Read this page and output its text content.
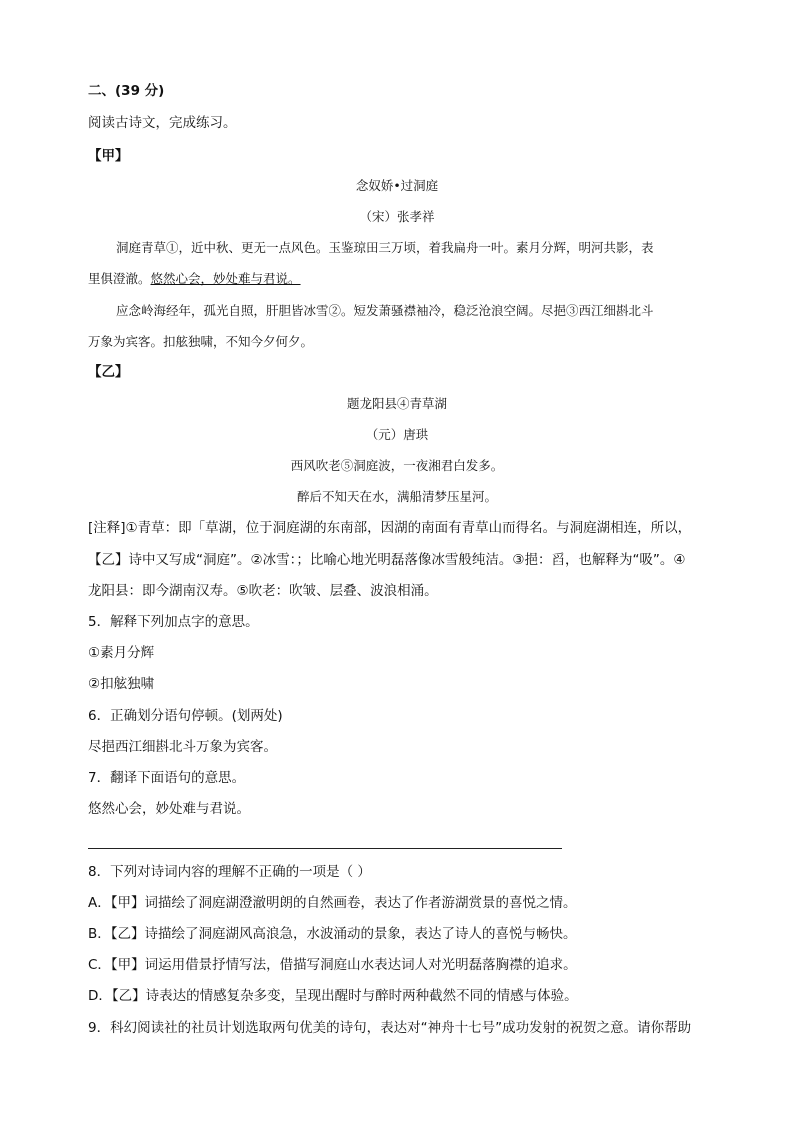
二、(39 分)
阅读古诗文，完成练习。
【甲】
念奴娇•过洞庭
（宋）张孝祥
洞庭青草①，近中秋、更无一点风色。玉鉴琼田三万顷，着我扁舟一叶。素月分辉，明河共影，表
里俱澄澈。悠然心会，妙处难与君说。
应念岭海经年，孤光自照，肝胆皆冰雪②。短发萧骚襟袖冷，稳泛沧浪空阔。尽挹③西江细斟北斗
万象为宾客。扣舷独啸，不知今夕何夕。
【乙】
题龙阳县④青草湖
（元）唐珙
西风吹老⑤洞庭波，一夜湘君白发多。
醉后不知天在水，满船清梦压星河。
[注释]①青草：即「草湖，位于洞庭湖的东南部，因湖的南面有青草山而得名。与洞庭湖相连，所以，
【乙】诗中又写成“洞庭”。②冰雪：；比喻心地光明磊落像冰雪般纯洁。③挹：舀，也解释为“吸”。④
龙阳县：即今湖南汉寿。⑤吹老：吹皱、层叠、波浪相涌。
5．解释下列加点字的意思。
①素月分辉
②扣舷独啸
6．正确划分语句停顿。(划两处)
尽挹西江细斟北斗万象为宾客。
7．翻译下面语句的意思。
悠然心会，妙处难与君说。
8．下列对诗词内容的理解不正确的一项是（ ）
A．【甲】词描绘了洞庭湖澄澈明朗的自然画卷，表达了作者游湖赏景的喜悦之情。
B．【乙】诗描绘了洞庭湖风高浪急，水波涌动的景象，表达了诗人的喜悦与畅快。
C．【甲】词运用借景抒情写法，借描写洞庭山水表达词人对光明磊落胸襟的追求。
D．【乙】诗表达的情感复杂多变，呈现出醒时与醉时两种截然不同的情感与体验。
9．科幻阅读社的社员计划选取两句优美的诗句，表达对“神舟十七号”成功发射的祝贺之意。请你帮助
